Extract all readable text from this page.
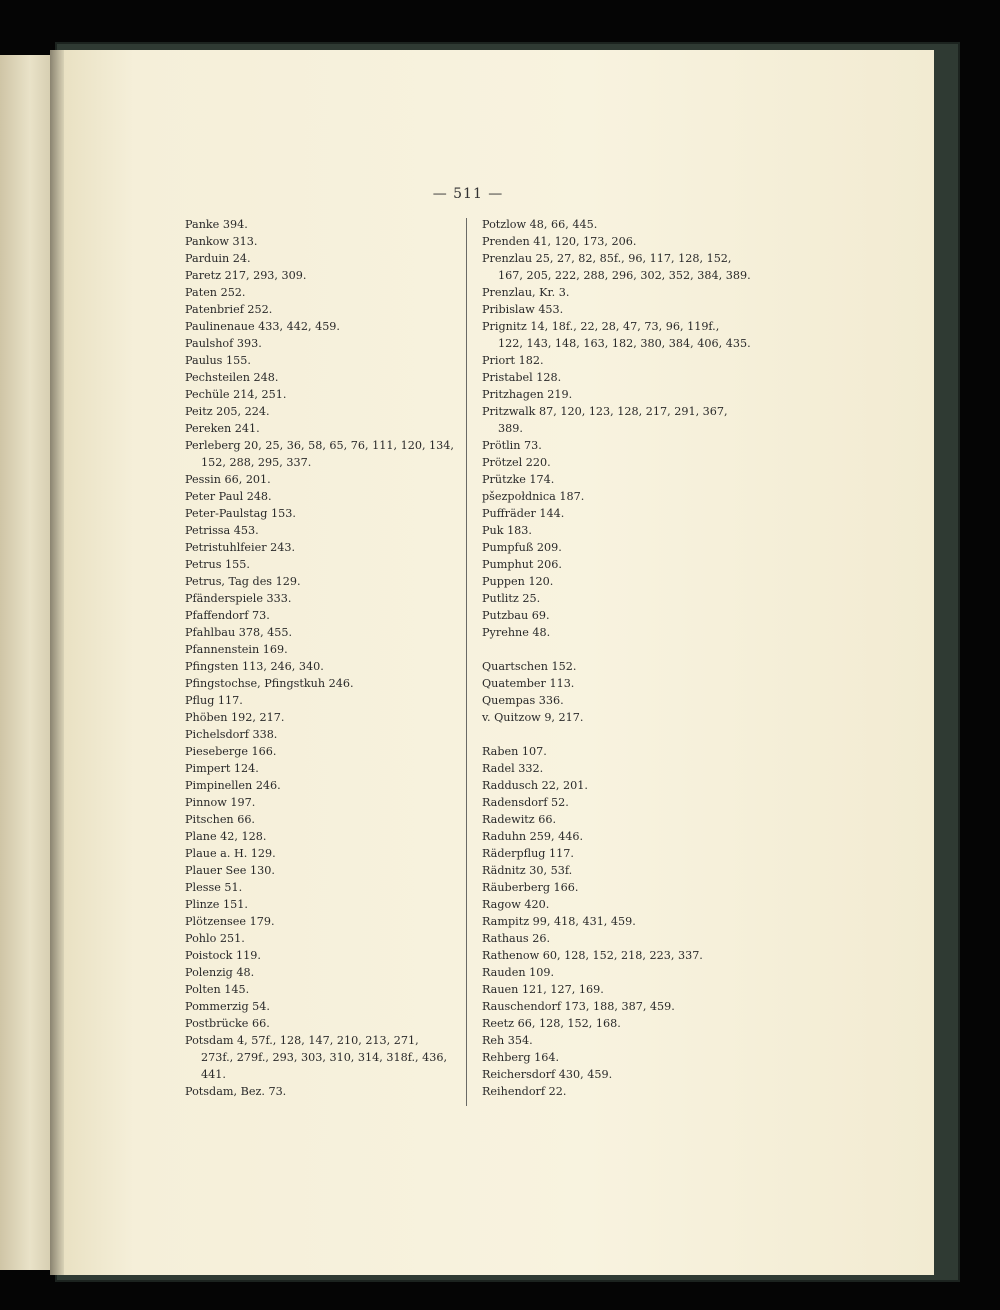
— 511 —
Panke 394.
Pankow 313.
Parduin 24.
Paretz 217, 293, 309.
Paten 252.
Patenbrief 252.
Paulinenaue 433, 442, 459.
Paulshof 393.
Paulus 155.
Pechsteilen 248.
Pechüle 214, 251.
Peitz 205, 224.
Pereken 241.
Perleberg 20, 25, 36, 58, 65, 76, 111, 120, 134,
152, 288, 295, 337.
Pessin 66, 201.
Peter Paul 248.
Peter-Paulstag 153.
Petrissa 453.
Petristuhlfeier 243.
Petrus 155.
Petrus, Tag des 129.
Pfänderspiele 333.
Pfaffendorf 73.
Pfahlbau 378, 455.
Pfannenstein 169.
Pfingsten 113, 246, 340.
Pfingstochse, Pfingstkuh 246.
Pflug 117.
Phöben 192, 217.
Pichelsdorf 338.
Pieseberge 166.
Pimpert 124.
Pimpinellen 246.
Pinnow 197.
Pitschen 66.
Plane 42, 128.
Plaue a. H. 129.
Plauer See 130.
Plesse 51.
Plinze 151.
Plötzensee 179.
Pohlo 251.
Poistock 119.
Polenzig 48.
Polten 145.
Pommerzig 54.
Postbrücke 66.
Potsdam 4, 57f., 128, 147, 210, 213, 271,
273f., 279f., 293, 303, 310, 314, 318f., 436,
441.
Potsdam, Bez. 73.
Potzlow 48, 66, 445.
Prenden 41, 120, 173, 206.
Prenzlau 25, 27, 82, 85f., 96, 117, 128, 152,
167, 205, 222, 288, 296, 302, 352, 384, 389.
Prenzlau, Kr. 3.
Pribislaw 453.
Prignitz 14, 18f., 22, 28, 47, 73, 96, 119f.,
122, 143, 148, 163, 182, 380, 384, 406, 435.
Priort 182.
Pristabel 128.
Pritzhagen 219.
Pritzwalk 87, 120, 123, 128, 217, 291, 367,
389.
Prötlin 73.
Prötzel 220.
Prützke 174.
pšezpołdnica 187.
Puffräder 144.
Puk 183.
Pumpfuß 209.
Pumphut 206.
Puppen 120.
Putlitz 25.
Putzbau 69.
Pyrehne 48.
Quartschen 152.
Quatember 113.
Quempas 336.
v. Quitzow 9, 217.
Raben 107.
Radel 332.
Raddusch 22, 201.
Radensdorf 52.
Radewitz 66.
Raduhn 259, 446.
Räderpflug 117.
Rädnitz 30, 53f.
Räuberberg 166.
Ragow 420.
Rampitz 99, 418, 431, 459.
Rathaus 26.
Rathenow 60, 128, 152, 218, 223, 337.
Rauden 109.
Rauen 121, 127, 169.
Rauschendorf 173, 188, 387, 459.
Reetz 66, 128, 152, 168.
Reh 354.
Rehberg 164.
Reichersdorf 430, 459.
Reihendorf 22.
